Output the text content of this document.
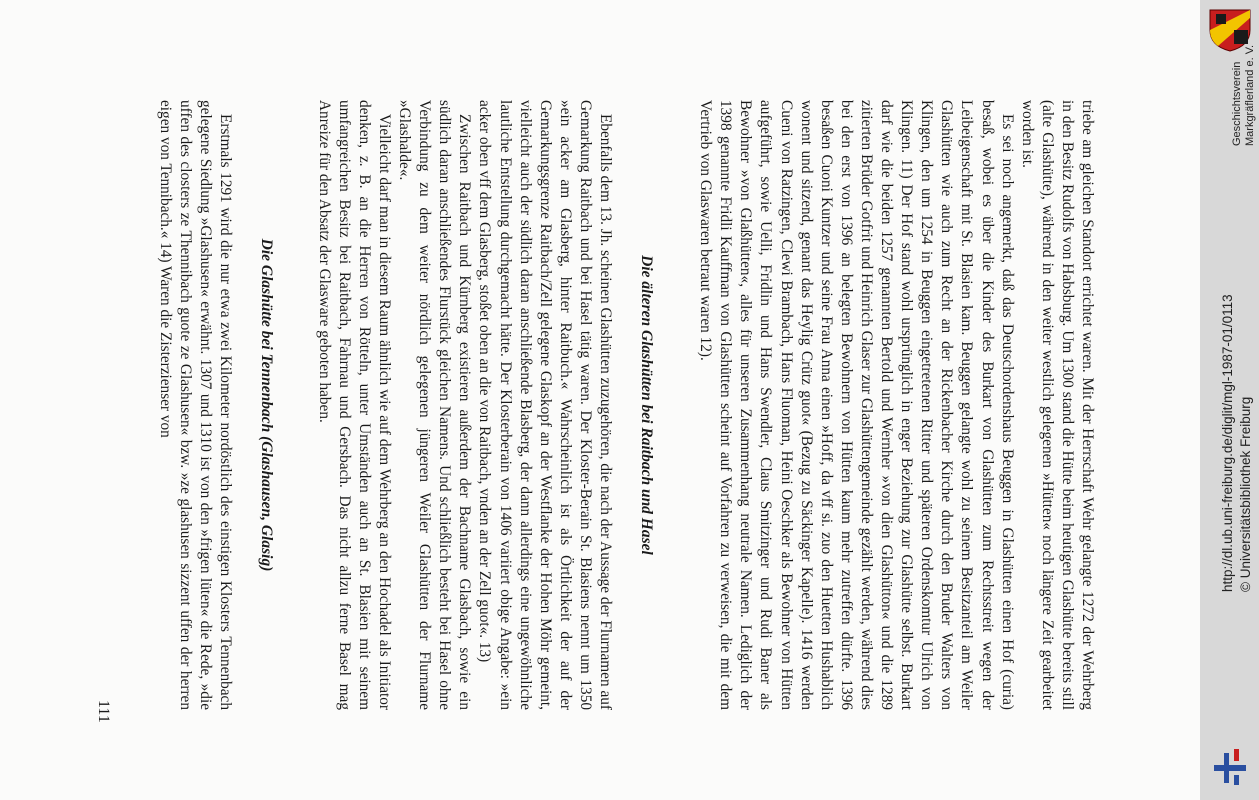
triebe am gleichen Standort errichtet waren. Mit der Herrschaft Wehr gelangte 1272 der Wehrberg in den Besitz Rudolfs von Habsburg. Um 1300 stand die Hütte beim heutigen Glashütte bereits still (alte Glashütte), während in den weiter westlich gelegenen »Hütten« noch längere Zeit gearbeitet worden ist.

Es sei noch angemerkt, daß das Deutschordenshaus Beuggen in Glashütten einen Hof (curia) besaß, wobei es über die Kinder des Burkart von Glashütten zum Rechtsstreit wegen der Leibeigenschaft mit St. Blasien kam. Beuggen gelangte wohl zu seinem Besitzanteil am Weiler Glashütten wie auch zum Recht an der Rickenbacher Kirche durch den Bruder Walters von Klingen, den um 1254 in Beuggen eingetretenen Ritter und späteren Ordenskomtur Ulrich von Klingen. 11) Der Hof stand wohl ursprünglich in enger Beziehung zur Glashütte selbst. Burkart darf wie die beiden 1257 genannten Bertold und Wernher »von dien Glashütton« und die 1289 zitierten Brüder Gotfrit und Heinrich Glaser zur Glashüttengemeinde gezählt werden, während dies bei den erst von 1396 an belegten Bewohnern von Hütten kaum mehr zutreffen dürfte. 1396 besaßen Cuoni Kuntzer und seine Frau Anna einen »Hoff, da vff si. zuo den Huetten Hushablich wonent und sitzend, genant das Heylig Crütz guot« (Bezug zu Säckinger Kapelle). 1416 werden Cueni von Ratzingen, Clewi Brambach, Hans Fluoman, Heini Oeschker als Bewohner von Hütten aufgeführt, sowie Uelli, Fridlin und Hans Swendler, Claus Smitzinger und Rudi Baner als Bewohner »von Glaßhütten«, alles für unseren Zusammenhang neutrale Namen. Lediglich der 1398 genannte Fridli Kauffman von Glashütten scheint auf Vorfahren zu verweisen, die mit dem Vertrieb von Glaswaren betraut waren 12).

Die älteren Glashütten bei Raitbach und Hasel

Ebenfalls dem 13. Jh. scheinen Glashütten zuzugehören, die nach der Aussage der Flurnamen auf Gemarkung Raitbach und bei Hasel tätig waren. Der Kloster-Berain St. Blasiens nennt um 1350 »ein acker am Glasberg, hinter Raitbuch.« Wahrscheinlich ist als Örtlichkeit der auf der Gemarkungsgrenze Raitbach/Zell gelegene Glaskopf an der Westflanke der Hohen Möhr gemeint, vielleicht auch der südlich daran anschließende Blasberg, der dann allerdings eine ungewöhnliche lautliche Entstellung durchgemacht hätte. Der Klosterberain von 1406 variiert obige Angabe: »ein acker oben vff dem Glasberg, stoßet oben an die von Raitbach, vnden an der Zell guot«. 13)

Zwischen Raitbach und Kürnberg existieren außerdem der Bachname Glasbach, sowie ein südlich daran anschließendes Flurstück gleichen Namens. Und schließlich besteht bei Hasel ohne Verbindung zu dem weiter nördlich gelegenen jüngeren Weiler Glashütten der Flurname »Glashalde«.

Vielleicht darf man in diesem Raum ähnlich wie auf dem Wehrberg an den Hochadel als Initiator denken, z. B. an die Herren von Rötteln, unter Umständen auch an St. Blasien mit seinem umfangreichen Besitz bei Raitbach, Fahrnau und Gersbach. Das nicht allzu ferne Basel mag Anreize für den Absatz der Glasware geboten haben.

Die Glashütte bei Tennenbach (Glashausen, Glasig)

Erstmals 1291 wird die nur etwa zwei Kilometer nordöstlich des einstigen Klosters Tennenbach gelegene Siedlung »Glashusen« erwähnt. 1307 und 1310 ist von den »frigen lüten« die Rede, »die uffen des closters ze Thennibach guote ze Glashusen« bzw. »ze glashusen sizzent uffen der herren eigen von Tennibach.« 14) Waren die Zisterzienser von

111
Geschichtsverein Markgräflerland e. V.
http://dl.ub.uni-freiburg.de/diglit/mgl-1987-01/0113 © Universitätsbibliothek Freiburg
